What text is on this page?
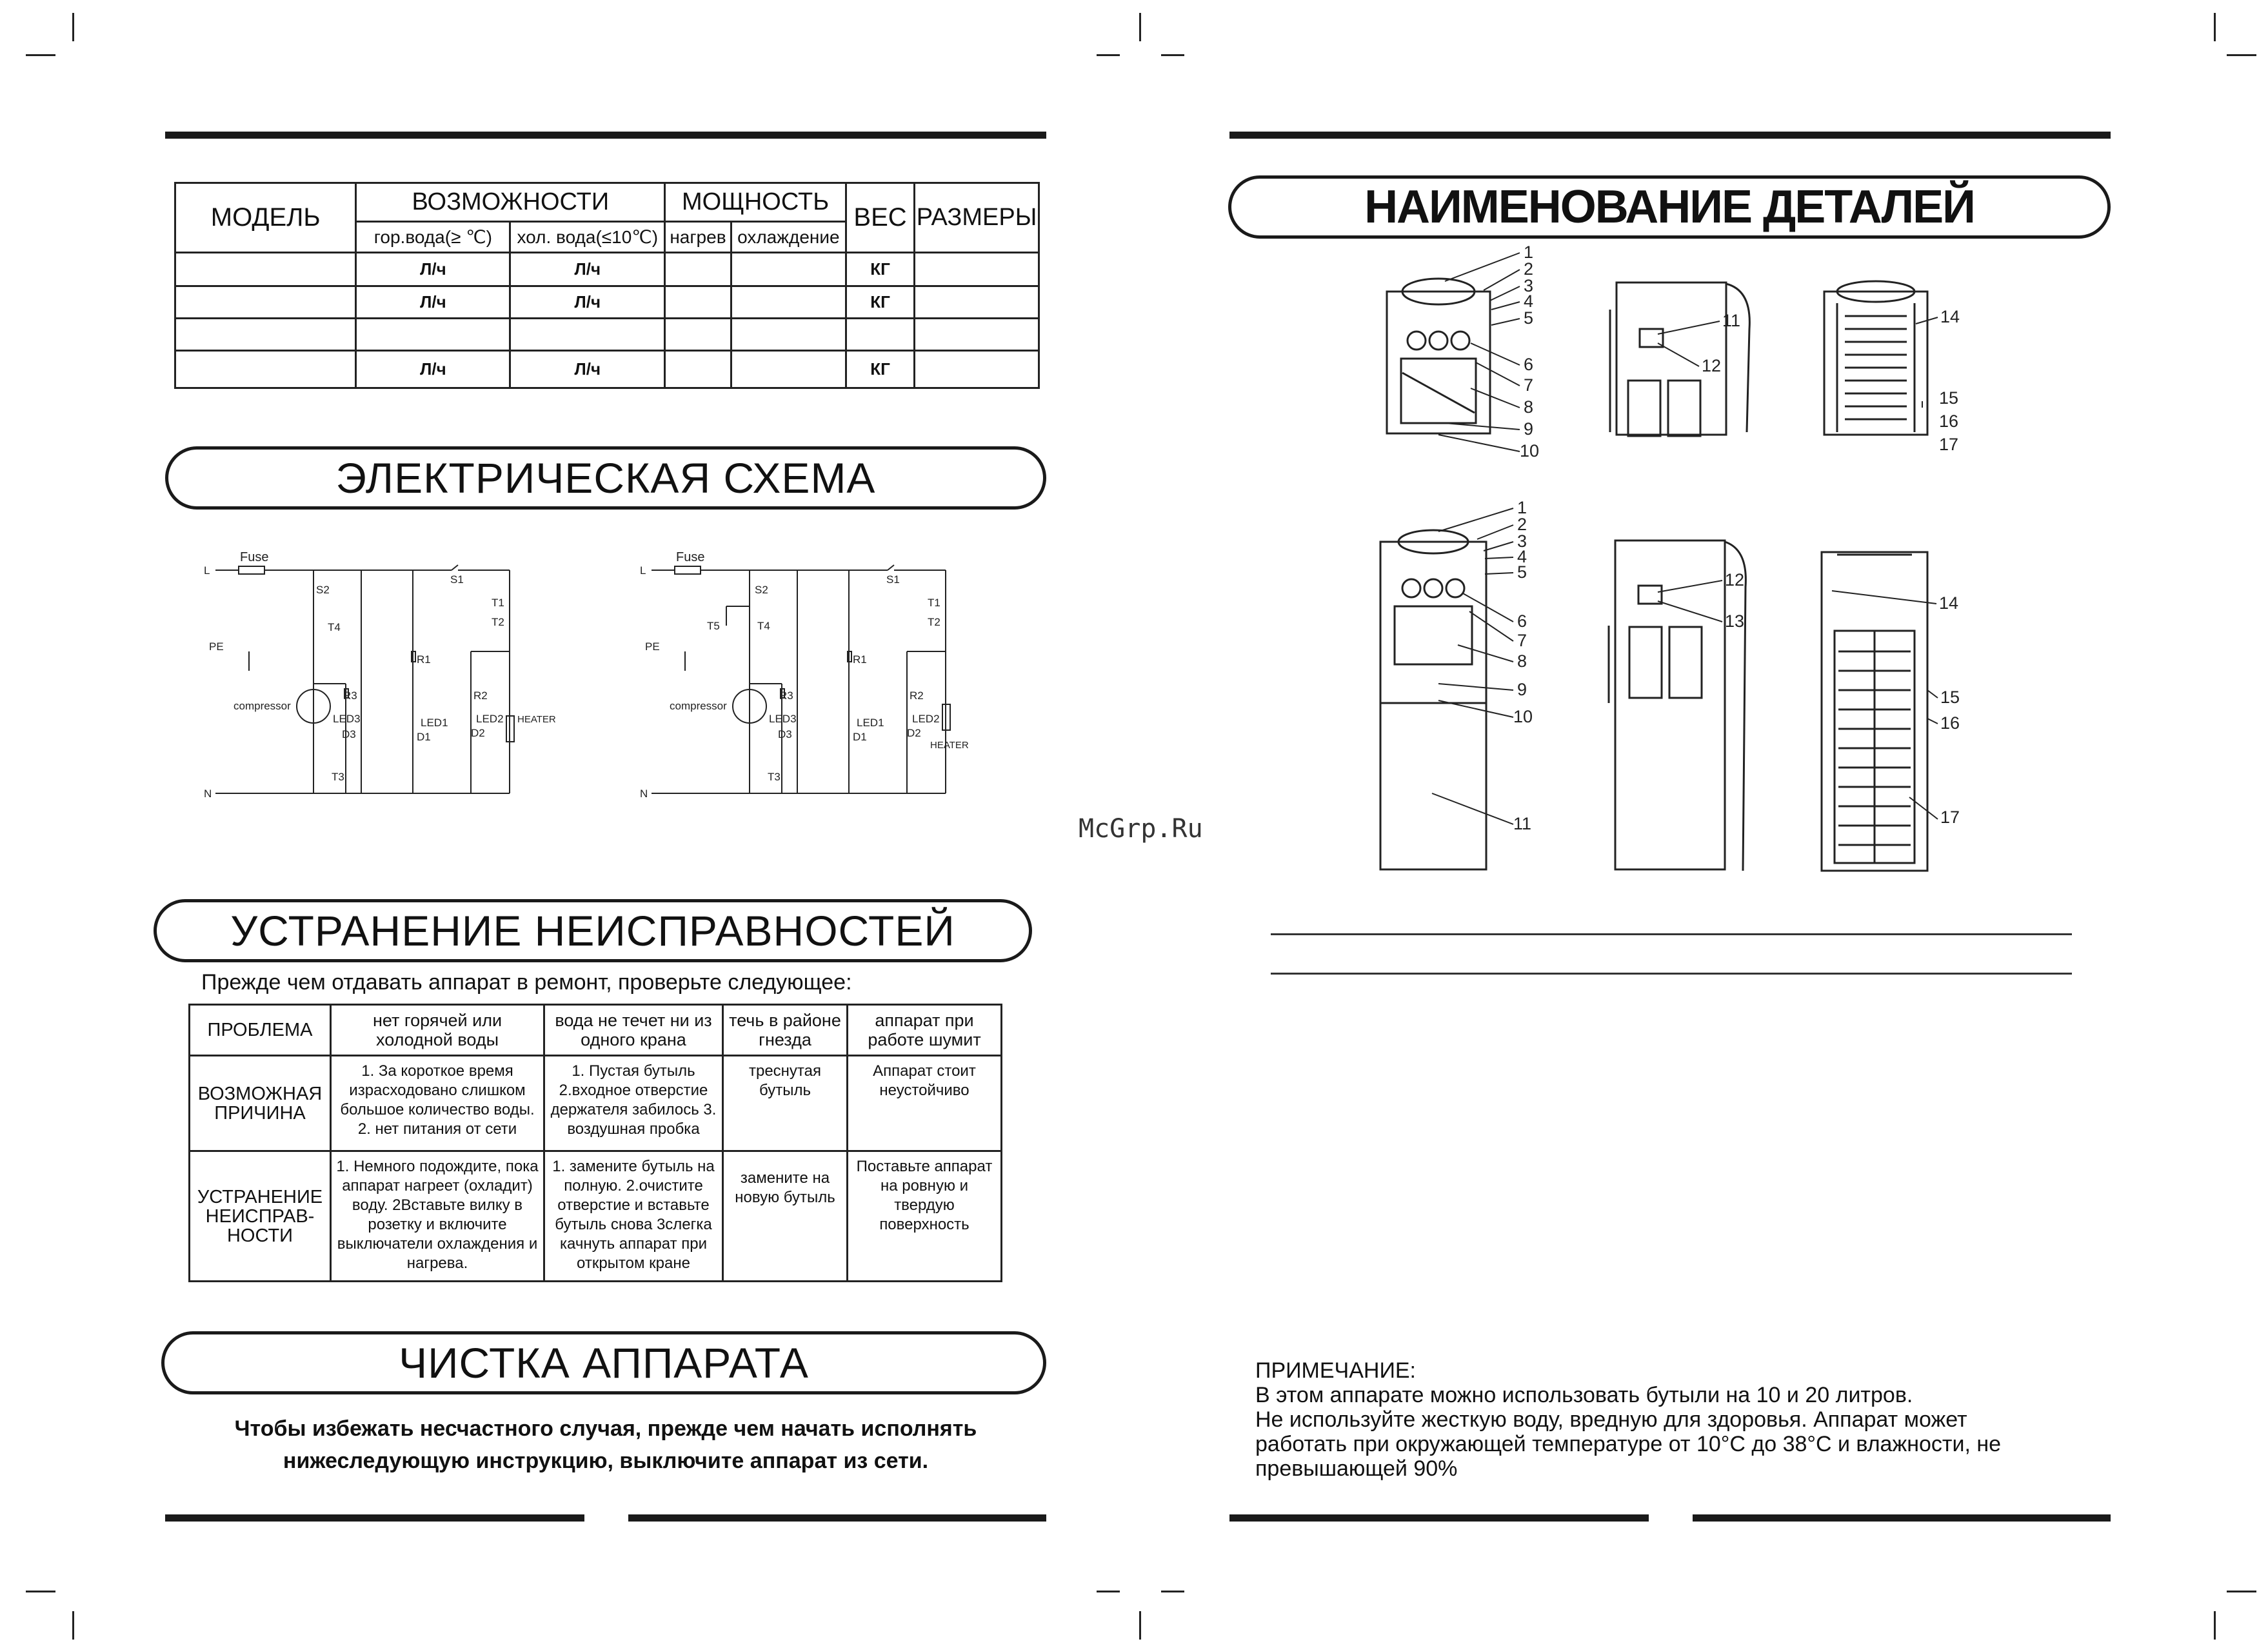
МОДЕЛЬ	ВОЗМОЖНОСТИ		МОЩНОСТЬ		ВЕС	РАЗМЕРЫ
	гор.вода(≥ ℃)	хол. вода(≤10℃)	нагрев	охлаждение		
	Л/ч	Л/ч			КГ	
	Л/ч	Л/ч			КГ	

	Л/ч	Л/ч			КГ	
ЭЛЕКТРИЧЕСКАЯ СХЕМА
L
N
PE
Fuse
S2
S1
T1
T2
T4
T3
R1
R2
R3
LED1	LED2
LED3
D1	D2
D3
compressor
HEATER
L
N
PE
Fuse
S2
S1
T1
T2
T5	T4
T3
R1
R2
R3
LED1	LED2
LED3
D1	D2
D3
compressor
HEATER
УСТРАНЕНИЕ НЕИСПРАВНОСТЕЙ
Прежде чем отдавать аппарат в ремонт, проверьте следующее:
ПРОБЛЕМА	нет горячей или холодной воды	вода не течет ни из одного крана	течь в районе гнезда	аппарат при работе шумит
ВОЗМОЖНАЯ ПРИЧИНА	1. За короткое время израсходовано слишком большое количество воды. 2. нет питания от сети	1. Пустая бутыль 2.входное отверстие держателя забилось 3. воздушная пробка	треснутая бутыль	Аппарат стоит неустойчиво
УСТРАНЕНИЕ НЕИСПРАВ- НОСТИ	1. Немного подождите, пока аппарат нагреет (охладит) воду. 2Вставьте вилку в розетку и включите выключатели охлаждения и нагрева.	1. замените бутыль на полную. 2.очистите отверстие и вставьте бутыль снова 3слегка качнуть аппарат при открытом кране	замените на новую бутыль	Поставьте аппарат на ровную и твердую поверхность
ЧИСТКА АППАРАТА
Чтобы избежать несчастного случая, прежде чем начать исполнять
нижеследующую инструкцию, выключите аппарат из сети.
McGrp.Ru
НАИМЕНОВАНИЕ ДЕТАЛЕЙ
1
2
3
4
5
6
7
8
9
10
11
12
14
15
16
17
1
2
3
4
5
6
7
8
9
10
11
12
13
14
15
16
17
ПРИМЕЧАНИЕ:
В этом аппарате можно использовать бутыли на 10 и 20 литров.
Не используйте жесткую воду, вредную для здоровья. Аппарат может
работать при окружающей температуре от 10°С до 38°С и влажности, не
превышающей 90%
